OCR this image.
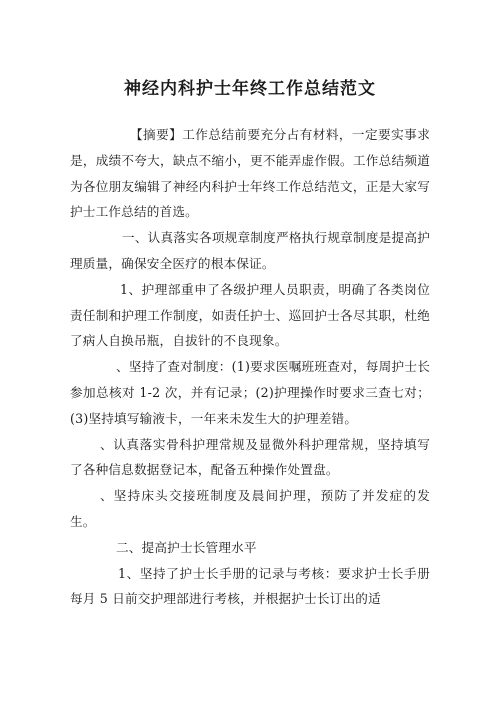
神经内科护士年终工作总结范文

【摘要】工作总结前要充分占有材料，一定要实事求是，成绩不夸大，缺点不缩小，更不能弄虚作假。工作总结频道为各位朋友编辑了神经内科护士年终工作总结范文，正是大家写护士工作总结的首选。

一、认真落实各项规章制度严格执行规章制度是提高护理质量，确保安全医疗的根本保证。

1、护理部重申了各级护理人员职责，明确了各类岗位责任制和护理工作制度，如责任护士、巡回护士各尽其职，杜绝了病人自换吊瓶，自拔针的不良现象。

、坚持了查对制度：(1)要求医嘱班班查对，每周护士长参加总核对 1-2 次，并有记录；(2)护理操作时要求三查七对；(3)坚持填写输液卡，一年来未发生大的护理差错。

、认真落实骨科护理常规及显微外科护理常规，坚持填写了各种信息数据登记本，配备五种操作处置盘。

、坚持床头交接班制度及晨间护理，预防了并发症的发生。

二、提高护士长管理水平

1、坚持了护士长手册的记录与考核：要求护士长手册每月 5 日前交护理部进行考核，并根据护士长订出的适
